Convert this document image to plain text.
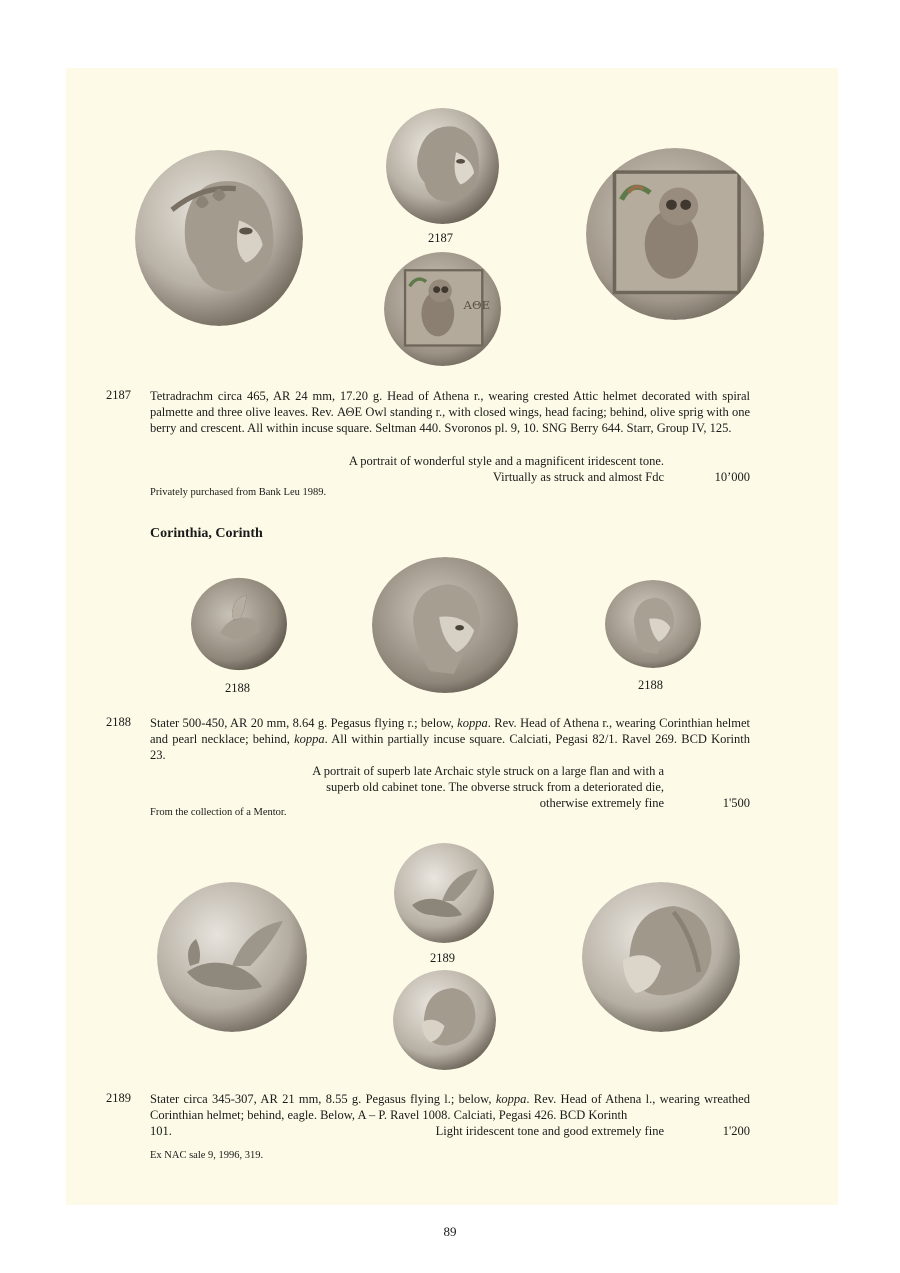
2187
ΑΘΕ
2187 Tetradrachm circa 465, AR 24 mm, 17.20 g. Head of Athena r., wearing crested Attic helmet decorated with spiral palmette and three olive leaves. Rev. ΑΘΕ Owl standing r., with closed wings, head facing; behind, olive sprig with one berry and crescent. All within incuse square. Seltman 440. Svoronos pl. 9, 10. SNG Berry 644. Starr, Group IV, 125.
A portrait of wonderful style and a magnificent iridescent tone.
Virtually as struck and almost Fdc	10’000
Privately purchased from Bank Leu 1989.
Corinthia, Corinth
2188	2188
2188 Stater 500-450, AR 20 mm, 8.64 g. Pegasus flying r.; below, koppa. Rev. Head of Athena r., wearing Corinthian helmet and pearl necklace; behind, koppa. All within partially incuse square. Calciati, Pegasi 82/1. Ravel 269. BCD Korinth 23.
A portrait of superb late Archaic style struck on a large flan and with a
superb old cabinet tone. The obverse struck from a deteriorated die,
otherwise extremely fine	1'500
From the collection of a Mentor.
2189
2189 Stater circa 345-307, AR 21 mm, 8.55 g. Pegasus flying l.; below, koppa. Rev. Head of Athena l., wearing wreathed Corinthian helmet; behind, eagle. Below, A – P. Ravel 1008. Calciati, Pegasi 426. BCD Korinth
101.	Light iridescent tone and good extremely fine	1'200
Ex NAC sale 9, 1996, 319.
89
